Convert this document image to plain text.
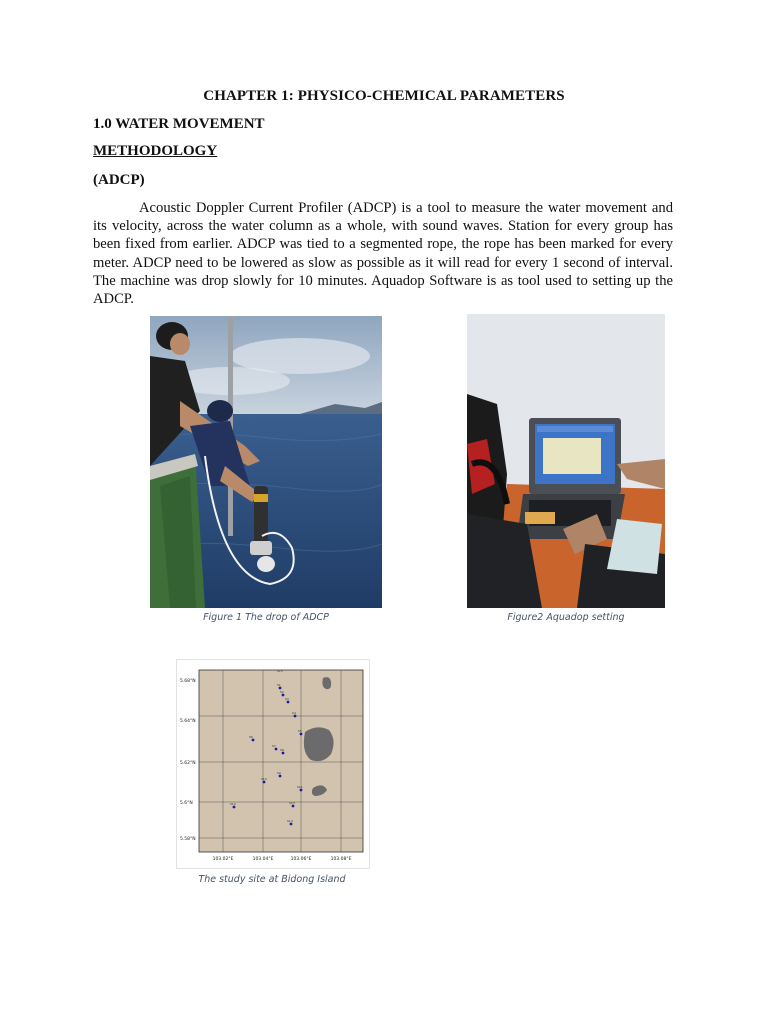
CHAPTER 1: PHYSICO-CHEMICAL PARAMETERS
1.0 WATER MOVEMENT
METHODOLOGY
(ADCP)
Acoustic Doppler Current Profiler (ADCP) is a tool to measure the water movement and its velocity, across the water column as a whole, with sound waves. Station for every group has been fixed from earlier. ADCP was tied to a segmented rope, the rope has been marked for every meter. ADCP need to be lowered as slow as possible as it will read for every 1 second of interval. The machine was drop slowly for 10 minutes. Aquadop Software is as tool used to setting up the ADCP.
Figure 1 The drop of ADCP	Figure2 Aquadop setting
5.68°N
5.64°N
5.62°N
5.6°N
5.58°N
103.02°E	103.04°E	103.06°E	103.08°E
S1
S2
S3
S4
S5
S6
S7
S8
S9
S10
S11
S12	S13
S14
S15
The study site at Bidong Island
